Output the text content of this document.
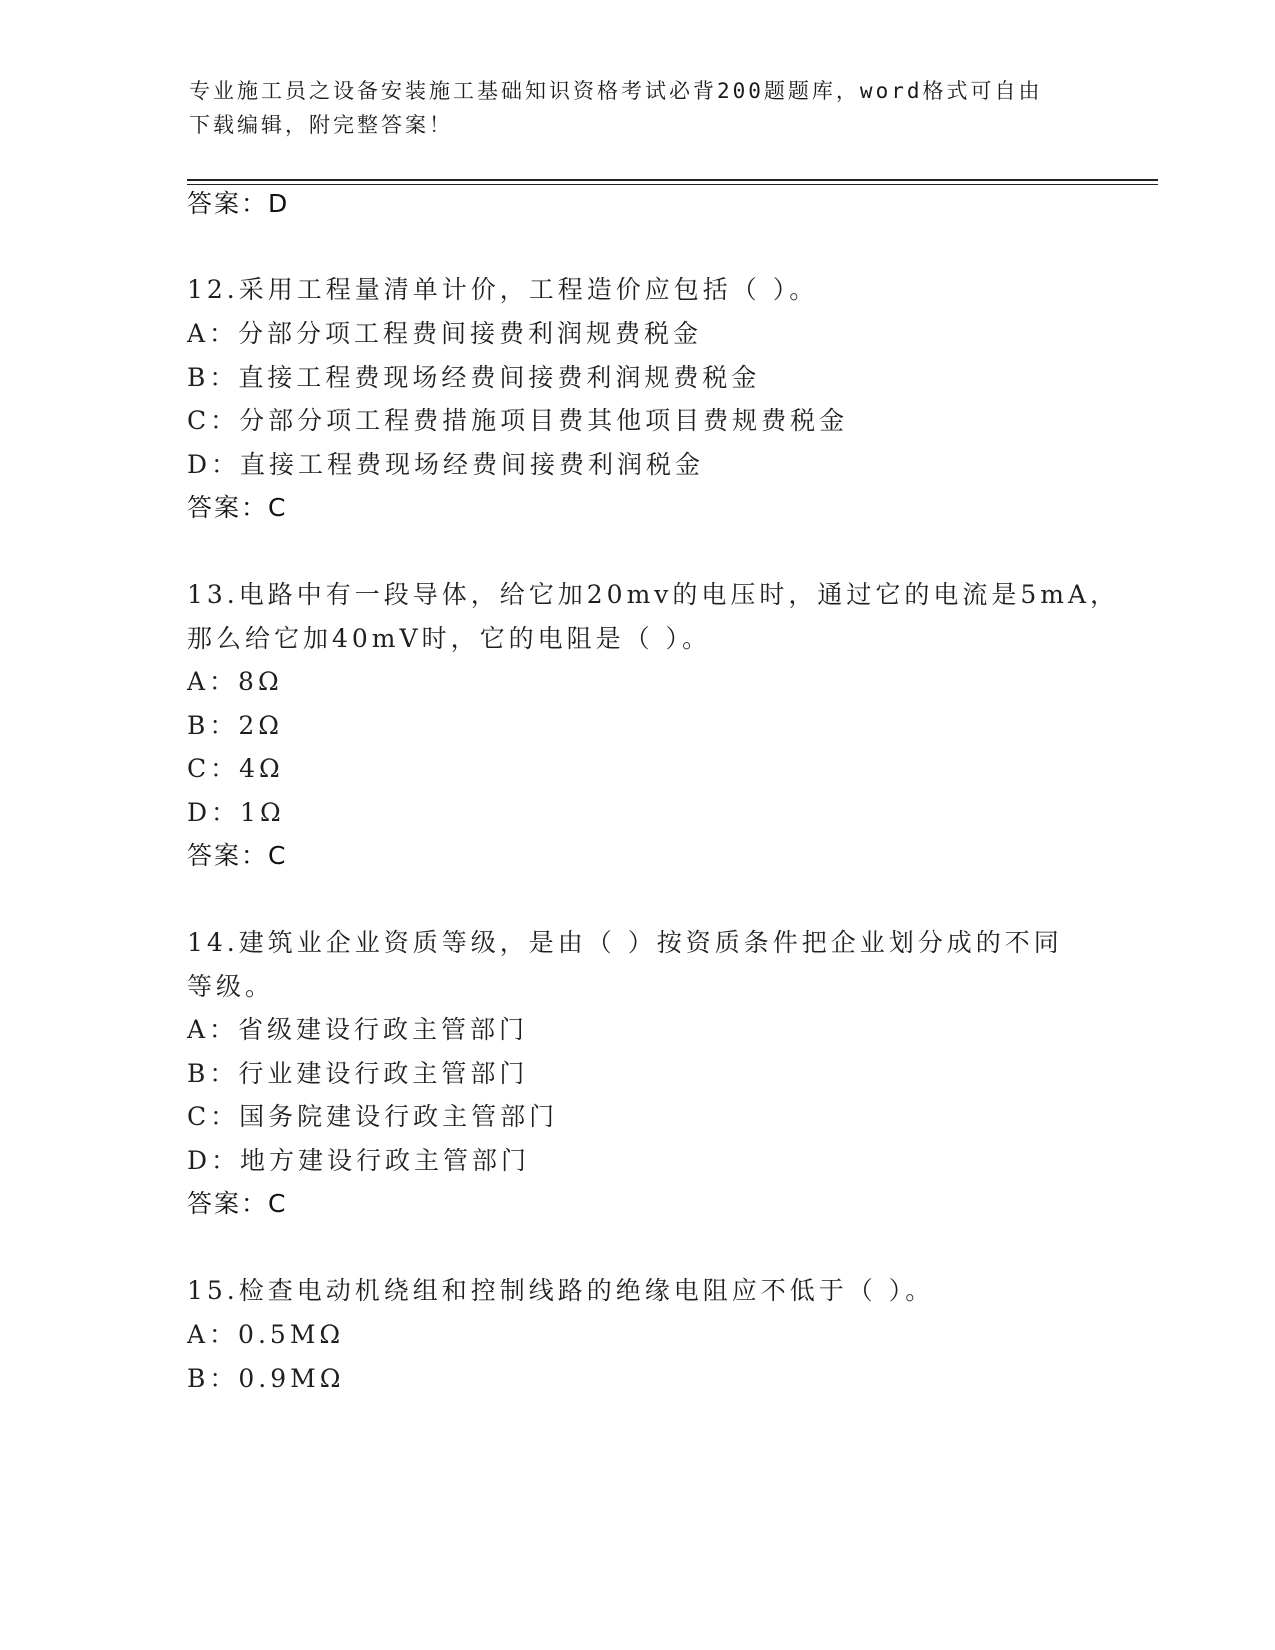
专业施工员之设备安装施工基础知识资格考试必背200题题库，word格式可自由
下载编辑，附完整答案！
答案：D
12.采用工程量清单计价，工程造价应包括（ ）。
A：分部分项工程费间接费利润规费税金
B：直接工程费现场经费间接费利润规费税金
C：分部分项工程费措施项目费其他项目费规费税金
D：直接工程费现场经费间接费利润税金
答案：C
13.电路中有一段导体，给它加20mv的电压时，通过它的电流是5mA，
那么给它加40mV时，它的电阻是（ ）。
A：8Ω
B：2Ω
C：4Ω
D：1Ω
答案：C
14.建筑业企业资质等级，是由（ ）按资质条件把企业划分成的不同
等级。
A：省级建设行政主管部门
B：行业建设行政主管部门
C：国务院建设行政主管部门
D：地方建设行政主管部门
答案：C
15.检查电动机绕组和控制线路的绝缘电阻应不低于（ ）。
A：0.5MΩ
B：0.9MΩ
